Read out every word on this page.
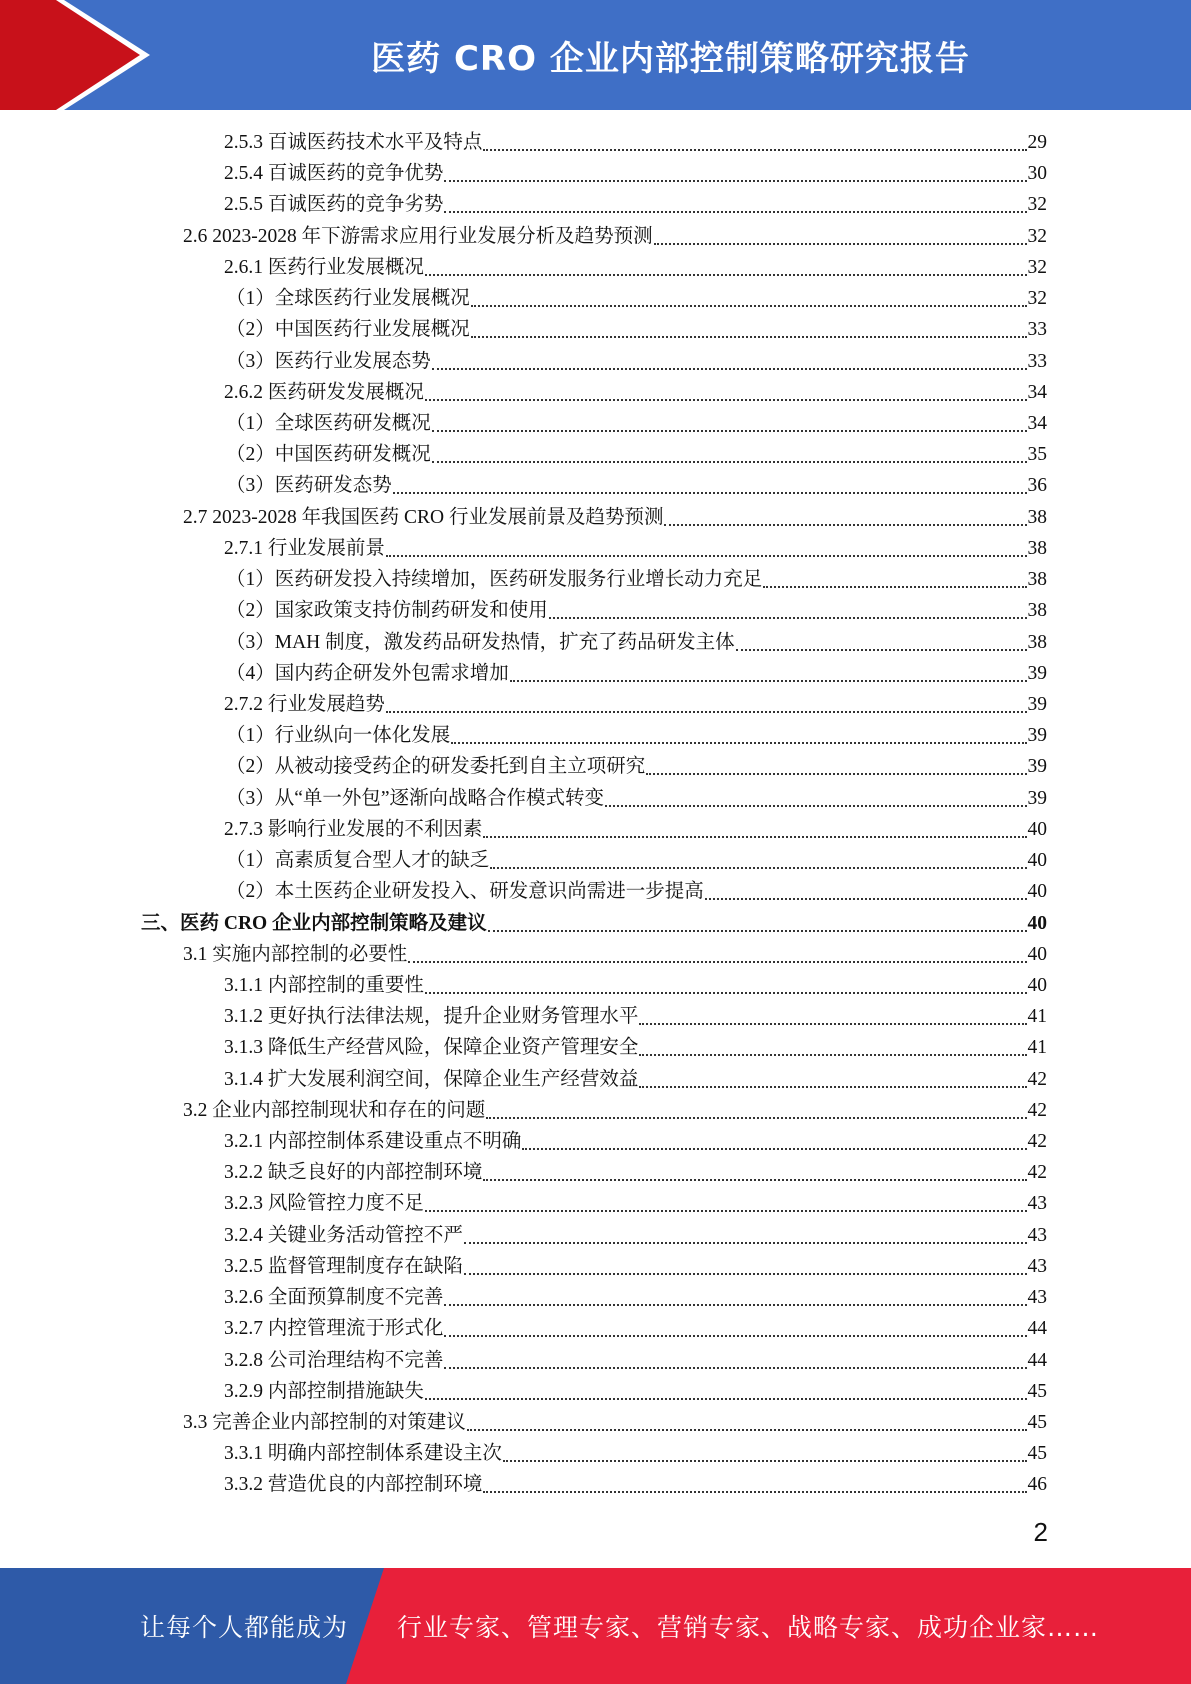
医药 CRO 企业内部控制策略研究报告
2.5.3 百诚医药技术水平及特点	29
2.5.4 百诚医药的竞争优势	30
2.5.5 百诚医药的竞争劣势	32
2.6 2023-2028 年下游需求应用行业发展分析及趋势预测	32
2.6.1 医药行业发展概况	32
（1）全球医药行业发展概况	32
（2）中国医药行业发展概况	33
（3）医药行业发展态势	33
2.6.2 医药研发发展概况	34
（1）全球医药研发概况	34
（2）中国医药研发概况	35
（3）医药研发态势	36
2.7 2023-2028 年我国医药 CRO 行业发展前景及趋势预测	38
2.7.1 行业发展前景	38
（1）医药研发投入持续增加，医药研发服务行业增长动力充足	38
（2）国家政策支持仿制药研发和使用	38
（3）MAH 制度，激发药品研发热情，扩充了药品研发主体	38
（4）国内药企研发外包需求增加	39
2.7.2 行业发展趋势	39
（1）行业纵向一体化发展	39
（2）从被动接受药企的研发委托到自主立项研究	39
（3）从“单一外包”逐渐向战略合作模式转变	39
2.7.3 影响行业发展的不利因素	40
（1）高素质复合型人才的缺乏	40
（2）本土医药企业研发投入、研发意识尚需进一步提高	40
三、医药 CRO 企业内部控制策略及建议	40
3.1 实施内部控制的必要性	40
3.1.1 内部控制的重要性	40
3.1.2 更好执行法律法规，提升企业财务管理水平	41
3.1.3 降低生产经营风险，保障企业资产管理安全	41
3.1.4 扩大发展利润空间，保障企业生产经营效益	42
3.2 企业内部控制现状和存在的问题	42
3.2.1 内部控制体系建设重点不明确	42
3.2.2 缺乏良好的内部控制环境	42
3.2.3 风险管控力度不足	43
3.2.4 关键业务活动管控不严	43
3.2.5 监督管理制度存在缺陷	43
3.2.6 全面预算制度不完善	43
3.2.7 内控管理流于形式化	44
3.2.8 公司治理结构不完善	44
3.2.9 内部控制措施缺失	45
3.3 完善企业内部控制的对策建议	45
3.3.1 明确内部控制体系建设主次	45
3.3.2 营造优良的内部控制环境	46
2
让每个人都能成为 行业专家、管理专家、营销专家、战略专家、成功企业家……
